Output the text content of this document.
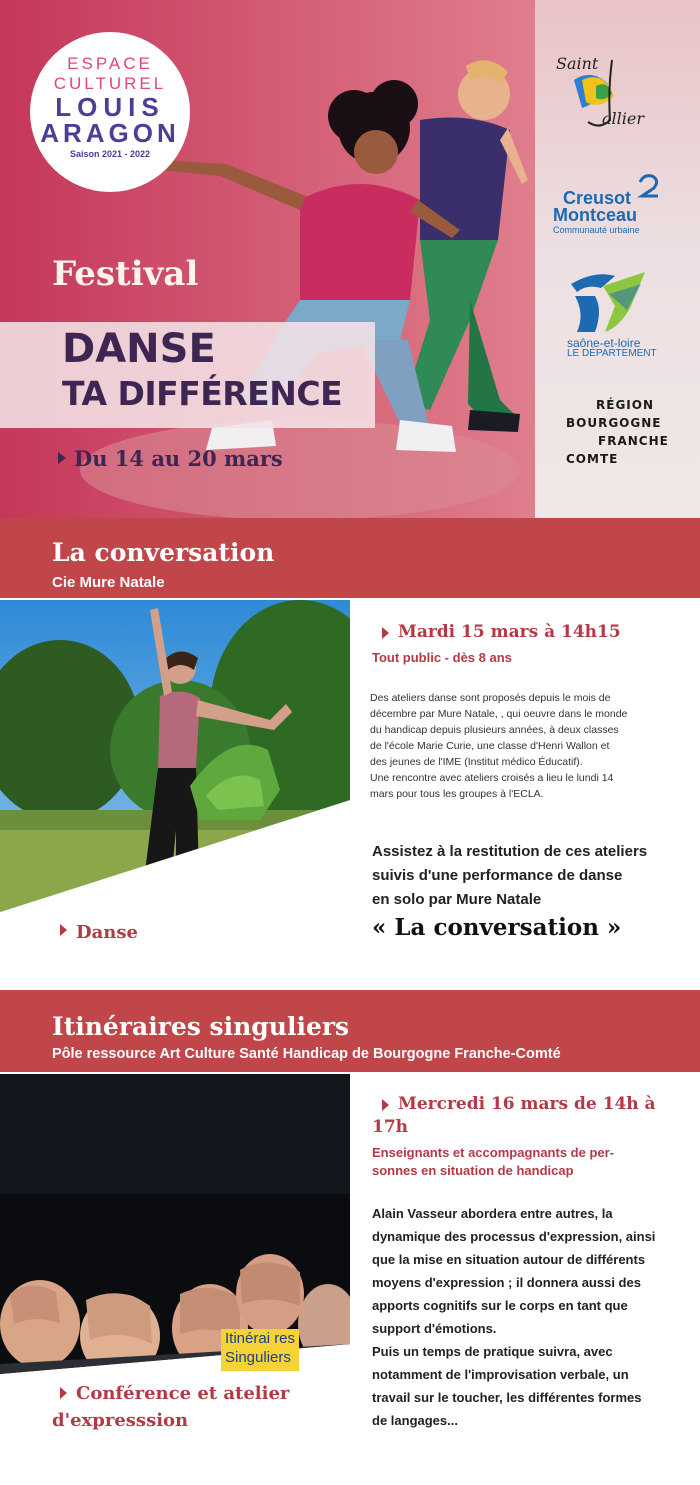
ESPACE
CULTUREL
LOUIS
ARAGON
Saison 2021 - 2022
Festival
DANSE
TA DIFFÉRENCE
Du 14 au 20 mars
Saint
allier
Creusot
Montceau
Communauté urbaine
saône-et-loire
LE DÉPARTEMENT
RÉGION
BOURGOGNE
FRANCHE
COMTE
La conversation
Cie Mure Natale
Mardi 15 mars à 14h15
Tout public - dès 8 ans
Des ateliers danse sont proposés depuis le mois de
décembre par Mure Natale, , qui oeuvre dans le monde
du handicap depuis plusieurs années, à deux classes
de l'école Marie Curie, une classe d'Henri Wallon et
des jeunes de l'IME (Institut médico Éducatif).
Une rencontre avec ateliers croisés a lieu le lundi 14
mars pour tous les groupes à l'ECLA.
Assistez à la restitution de ces ateliers
suivis d'une performance de danse
en solo par Mure Natale
« La conversation »
Danse
Itinéraires singuliers
Pôle ressource Art Culture Santé Handicap de Bourgogne Franche-Comté
Itinérai res
Singuliers
Mercredi 16 mars de 14h à
17h
Enseignants et accompagnants de per-
sonnes en situation de handicap
Alain Vasseur abordera entre autres, la
dynamique des processus d'expression, ainsi
que la mise en situation autour de différents
moyens d'expression ; il donnera aussi des
apports cognitifs sur le corps en tant que
support d'émotions.
Puis un temps de pratique suivra, avec
notamment de l'improvisation verbale, un
travail sur le toucher, les différentes formes
de langages...
Conférence et atelier
d'expresssion
